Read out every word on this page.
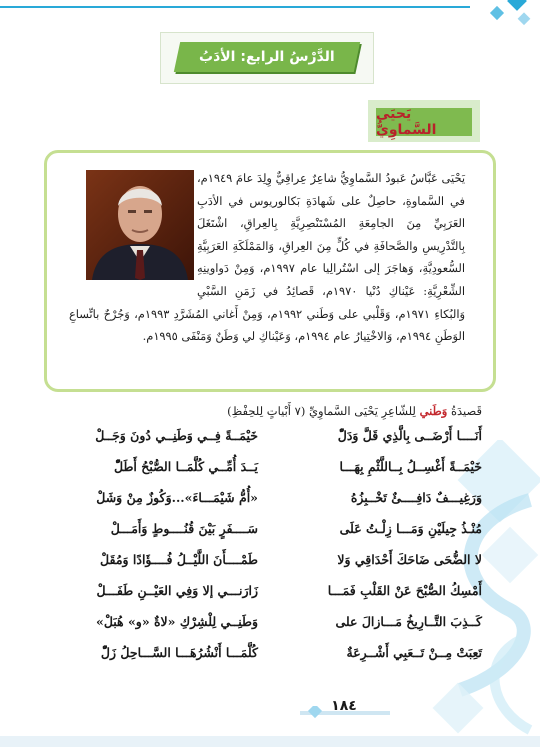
الدَّرْسُ الرابع: الأدَبُ
يَحيَى السَّماوِيُّ
يَحْيَى عَبَّاسُ عَبودُ السَّماوِيُّ شاعِرٌ عِراقِيٌّ وِلِدَ عامَ ١٩٤٩م، في السَّماوةِ، حاصِلٌ على شَهادَةِ بَكالوريوس في الأدَبِ العَرَبِيِّ مِنَ الجامِعَةِ المُسْتَنْصِرِيَّةِ بِالعِراقِ، اشْتَغَلَ بِالتَّدْرِيسِ والصَّحافَةِ في كُلٍّ مِنَ العِراقِ، وَالمَمْلَكَةِ العَرَبِيَّةِ السُّعودِيَّةِ، وَهاجَرَ إلى اسْتُرالِيا عام ١٩٩٧م، وَمِنْ دَواوينِهِ الشِّعْرِيَّةِ: عَيْناكِ دُنْيا ١٩٧٠م، قَصائِدُ في زَمَنِ السَّبْيِ وَالبُكاءِ ١٩٧١م، وَقَلْبي على وَطَني ١٩٩٢م، وَمِنْ أَغاني المُشَرَّدِ ١٩٩٣م، وَجُرْحٌ باتِّساعِ الوَطَنِ ١٩٩٤م، وَالاخْتِيارُ عام ١٩٩٤م، وَعَيْناكِ لي وَطَنٌ وَمَنْفَى ١٩٩٥م.
قَصيدَةُ وَطَني لِلشّاعِرِ يَحْيَى السَّماوِيِّ (٧ أَبْياتٍ لِلحِفْظِ)
أَنَــــا أَرْضَــى بِالَّذِي قَلَّ وَدَلّْ
خَيْمَــةً فِــي وَطَنِــي دُونَ وَجَــلْ
خَيْمَــةً أَغْسِــلُ بِــاللَّثْمِ بِهَـــا
يَــدَ أُمِّــي كُلَّمَــا الصُّبْحُ أَطَلّْ
وَرَغِيـــفٌ دَافِــــئٌ تَخْــبِزُهُ
«أُمُّ شَيْمَـــاءَ»...وَكُوزٌ مِنْ وَشَلْ
مُنْـذُ جِيلَيْنِ وَمَـــا زِلْـتُ عَلَى
سَــــفَرٍ بَيْنَ قُنُــــوطٍ وَأَمَـــلْ
لا الضُّحَى ضَاحَكَ أَحْدَاقِي وَلا
طَمْــــأَنَ اللَّيْــلُ فُــــؤَادًا وَمُقَلْ
أَمْسِكُ الصُّبْحَ عَنْ القَلْبِ فَمَـــا
زَارَنـــي إلا وَفِي العَيْــنِ طَفَـــلْ
كَــذِبَ التَّــارِيخُ مَـــازالَ على
وَطَنِــي لِلْشِرْكِ «لاةٌ «و» هُبَلْ»
تَعِبَتْ مِــنْ تَــعَبِي أَشْــرِعَةٌ
كُلَّمَـــا أَنْشُرُهَـــا السَّـــاحِلُ زَلّْ
١٨٤
